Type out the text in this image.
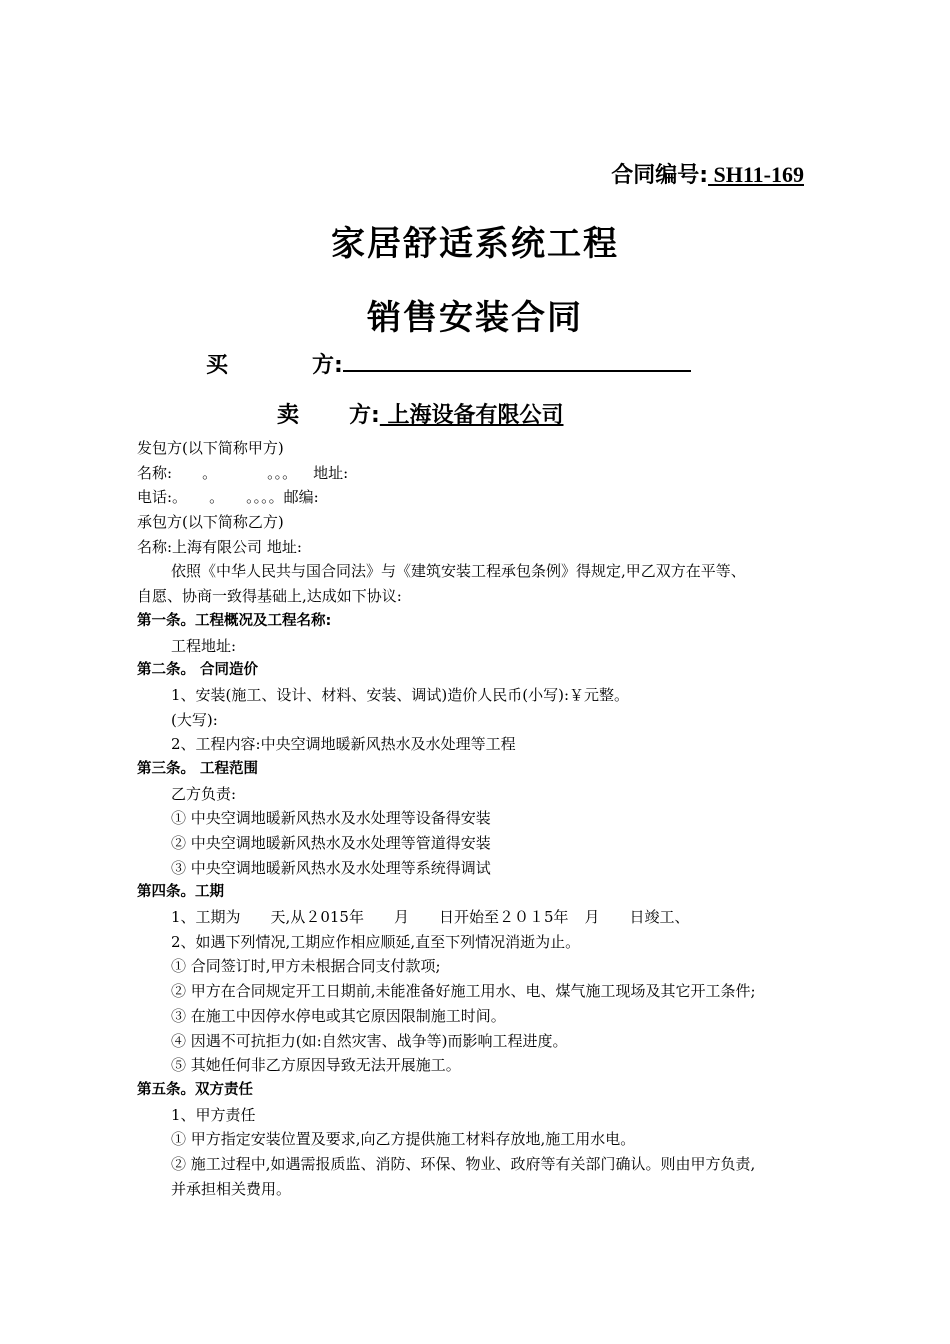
合同编号: SH11-169
家居舒适系统工程
销售安装合同
买	方:
卖 方: 上海设备有限公司
发包方(以下简称甲方)
名称: 。	。。。 地址:
电话:。 。 。。。。邮编:
承包方(以下简称乙方)
名称:上海有限公司 地址:
依照《中华人民共与国合同法》与《建筑安装工程承包条例》得规定,甲乙双方在平等、
自愿、协商一致得基础上,达成如下协议:
第一条。工程概况及工程名称:
工程地址:
第二条。 合同造价
1、安装(施工、设计、材料、安装、调试)造价人民币(小写):￥元整。
(大写):
2、工程内容:中央空调地暖新风热水及水处理等工程
第三条。 工程范围
乙方负责:
① 中央空调地暖新风热水及水处理等设备得安装
② 中央空调地暖新风热水及水处理等管道得安装
③ 中央空调地暖新风热水及水处理等系统得调试
第四条。工期
1、工期为 天,从２015年 月 日开始至２０１5年 月 日竣工、
2、如遇下列情况,工期应作相应顺延,直至下列情况消逝为止。
① 合同签订时,甲方未根据合同支付款项;
② 甲方在合同规定开工日期前,未能准备好施工用水、电、煤气施工现场及其它开工条件;
③ 在施工中因停水停电或其它原因限制施工时间。
④ 因遇不可抗拒力(如:自然灾害、战争等)而影响工程进度。
⑤ 其她任何非乙方原因导致无法开展施工。
第五条。双方责任
1、甲方责任
① 甲方指定安装位置及要求,向乙方提供施工材料存放地,施工用水电。
② 施工过程中,如遇需报质监、消防、环保、物业、政府等有关部门确认。则由甲方负责,
并承担相关费用。
